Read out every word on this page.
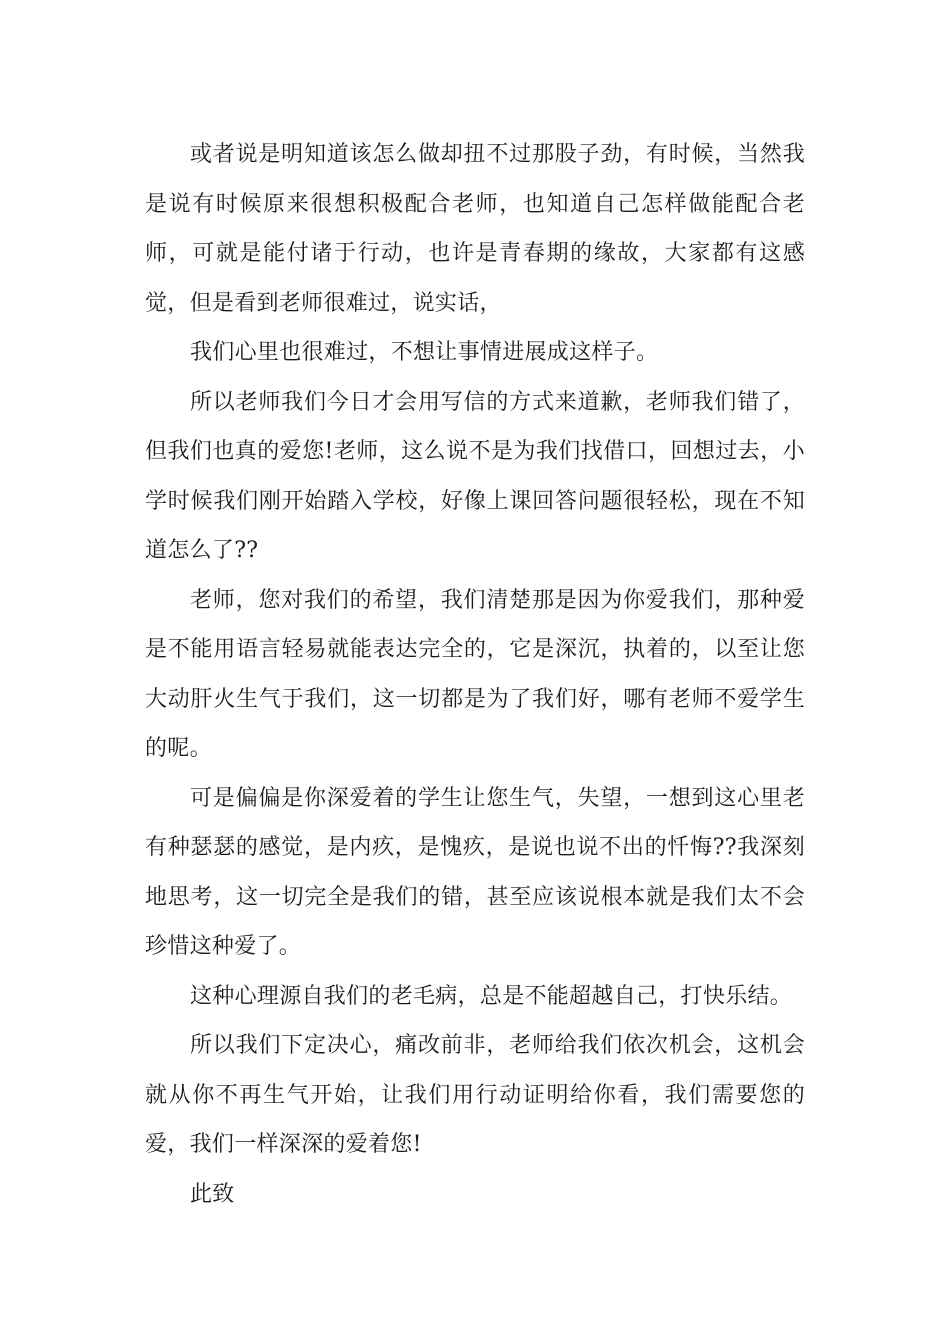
或者说是明知道该怎么做却扭不过那股子劲，有时候，当然我是说有时候原来很想积极配合老师，也知道自己怎样做能配合老师，可就是能付诸于行动，也许是青春期的缘故，大家都有这感觉，但是看到老师很难过，说实话，

我们心里也很难过，不想让事情进展成这样子。

所以老师我们今日才会用写信的方式来道歉，老师我们错了，但我们也真的爱您!老师，这么说不是为我们找借口，回想过去，小学时候我们刚开始踏入学校，好像上课回答问题很轻松，现在不知道怎么了??

老师，您对我们的希望，我们清楚那是因为你爱我们，那种爱是不能用语言轻易就能表达完全的，它是深沉，执着的，以至让您大动肝火生气于我们，这一切都是为了我们好，哪有老师不爱学生的呢。

可是偏偏是你深爱着的学生让您生气，失望，一想到这心里老有种瑟瑟的感觉，是内疚，是愧疚，是说也说不出的忏悔??我深刻地思考，这一切完全是我们的错，甚至应该说根本就是我们太不会珍惜这种爱了。

这种心理源自我们的老毛病，总是不能超越自己，打快乐结。

所以我们下定决心，痛改前非，老师给我们依次机会，这机会就从你不再生气开始，让我们用行动证明给你看，我们需要您的爱，我们一样深深的爱着您!

此致
